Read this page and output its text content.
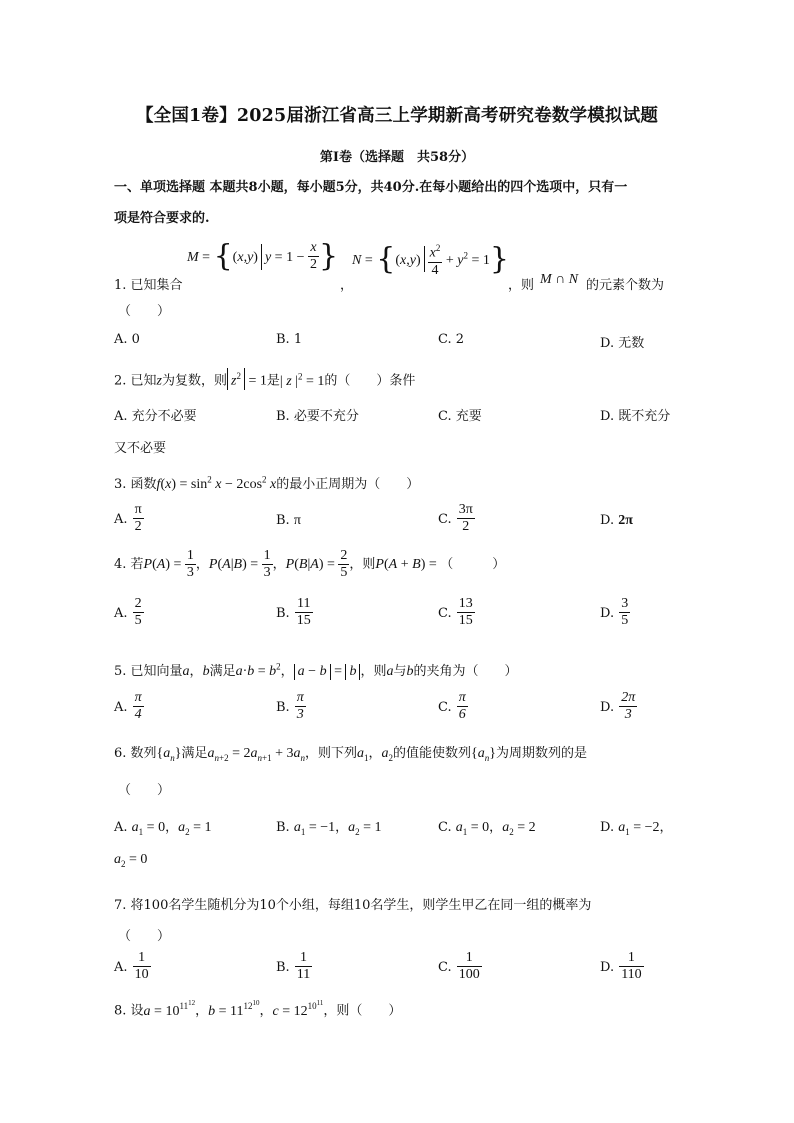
【全国1卷】2025届浙江省高三上学期新高考研究卷数学模拟试题
第I卷（选择题　共58分）
一、单项选择题 本题共8小题，每小题5分，共40分.在每小题给出的四个选项中，只有一
项是符合要求的.
M = {(x,y) $y = 1 - \frac{x}{2}$ }
，
$N = \{(x,y) \frac{x^2}{4} + y^2 = 1\}$
1. 已知集合	，则 M ∩ N 的元素个数为
（　　）
A. 0	B. 1	C. 2	D. 无数
2. 已知z为复数，则 $z^2 = 1$是| z $|^2 = 1$的（　　）条件
A. 充分不必要	B. 必要不充分	C. 充要	D. 既不充分
又不必要
3. 函数$f(x) = \sin^2 x - 2\cos^2$ x的最小正周期为（　　）
A. $\frac{\pi}{2}$	B. π	C. $\frac{3\pi}{2}$	D. 2π
4. 若$P(A) = \frac{1}{3}$ ，$P(A|B) = \frac{1}{3}$ ，$P(B|A) = \frac{2}{5}$ ，则P(A + B) = （　　　）
A. $\frac{2}{5}$	B. $\frac{11}{15}$	C. $\frac{13}{15}$	D. $\frac{3}{5}$
5. 已知向量a，b满足$a\cdot b = b^2$， a − b = b ，则a与b的夹角为（　　）
A. $\frac{\pi}{4}$	B. $\frac{\pi}{3}$	C. $\frac{\pi}{6}$	D. $\frac{2\pi}{3}$
6. 数列$\{a_n\}$满足$a_{n+2} = 2a_{n+1} + 3a_n$，则下列$a_1$，$a_2$的值能使数列$\{a_n\}$为周期数列的是
（　　）
A. $a_1 = 0$，$a_2 = 1$	B. $a_1 = -1$，$a_2 = 1$	C. $a_1 = 0$，$a_2 = 2$	D. $a_1 = -2$，
$a_2 = 0$
7. 将100名学生随机分为10个小组，每组10名学生，则学生甲乙在同一组的概率为
（　　）
A. $\frac{1}{10}$	B. $\frac{1}{11}$	C. $\frac{1}{100}$	D. $\frac{1}{110}$
8. 设$a = 10^{11^{12}}$，$b = 11^{12^{10}}$，$c = 12^{10^{11}}$，则（　　）
